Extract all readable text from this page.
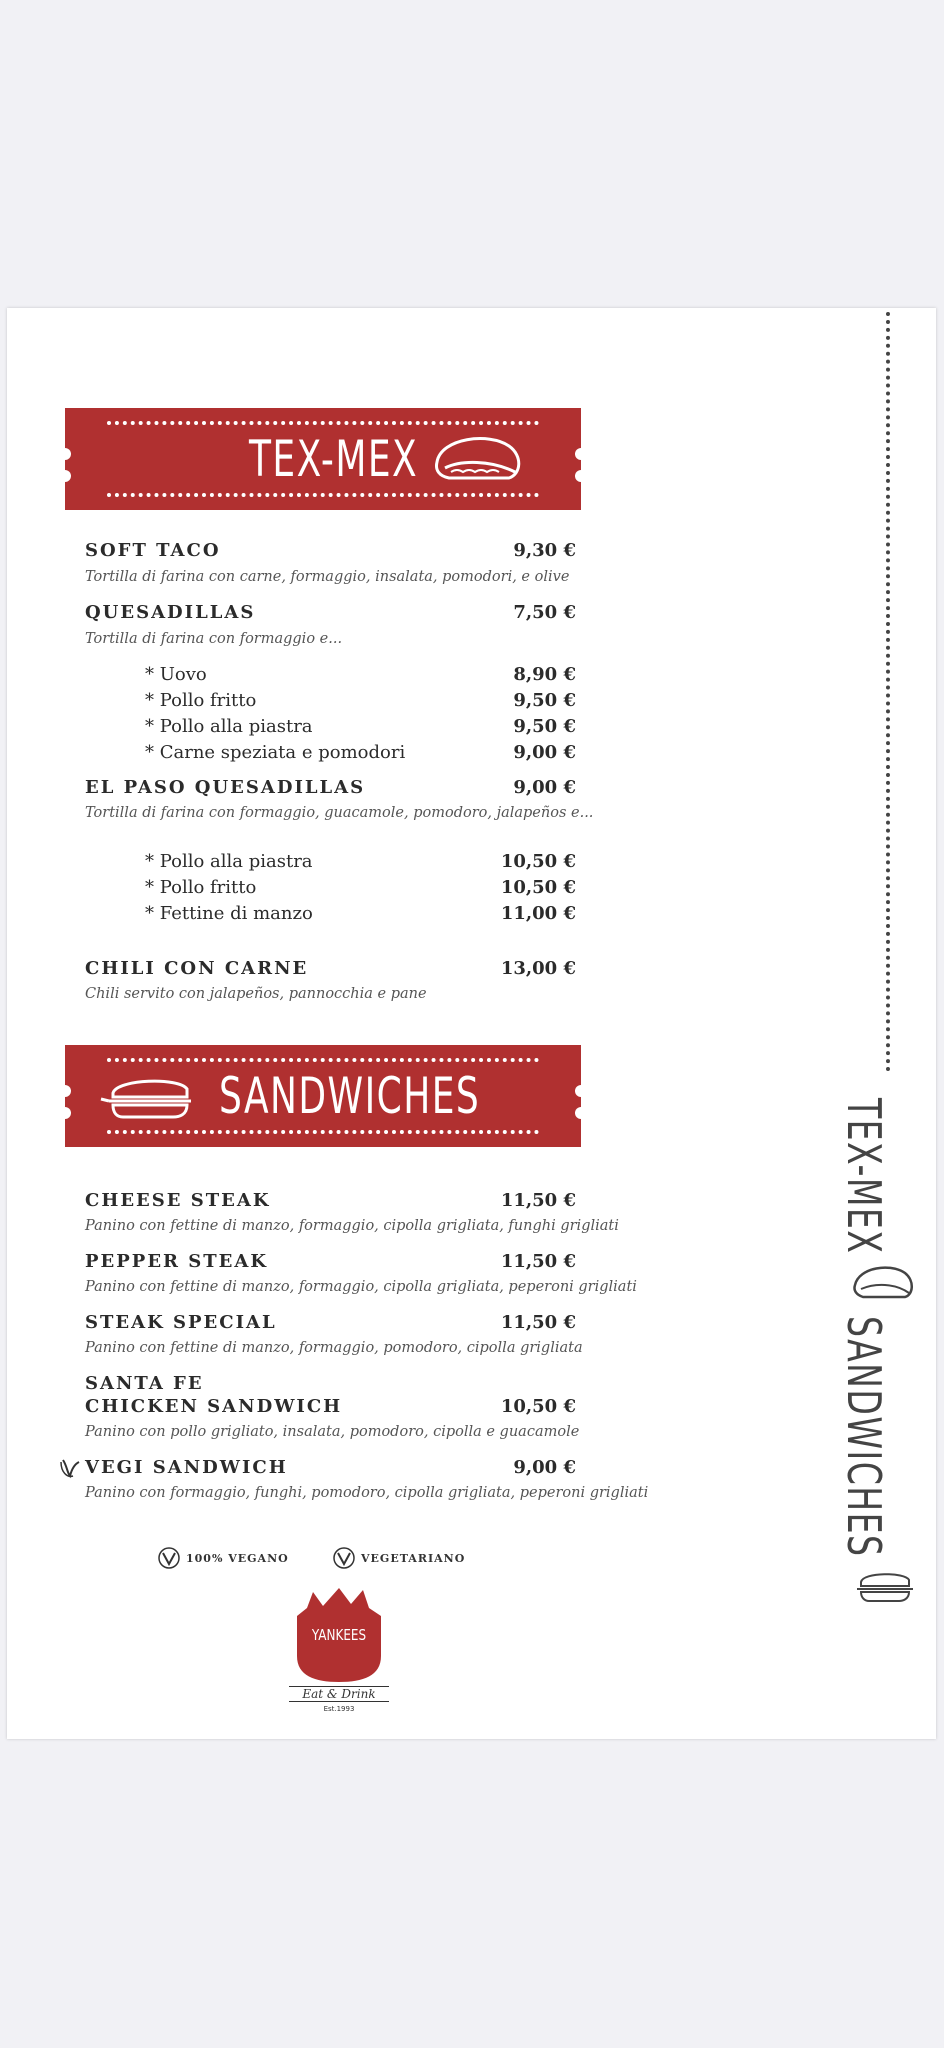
TEX-MEX
SOFT TACO	9,30 €
Tortilla di farina con carne, formaggio, insalata, pomodori, e olive
QUESADILLAS	7,50 €
Tortilla di farina con formaggio e...
* Uovo	8,90 €
* Pollo fritto	9,50 €
* Pollo alla piastra	9,50 €
* Carne speziata e pomodori	9,00 €
EL PASO QUESADILLAS	9,00 €
Tortilla di farina con formaggio, guacamole, pomodoro, jalapeños e...
* Pollo alla piastra	10,50 €
* Pollo fritto	10,50 €
* Fettine di manzo	11,00 €
CHILI CON CARNE	13,00 €
Chili servito con jalapeños, pannocchia e pane
SANDWICHES
CHEESE STEAK	11,50 €
Panino con fettine di manzo, formaggio, cipolla grigliata, funghi grigliati
PEPPER STEAK	11,50 €
Panino con fettine di manzo, formaggio, cipolla grigliata, peperoni grigliati
STEAK SPECIAL	11,50 €
Panino con fettine di manzo, formaggio, pomodoro, cipolla grigliata
SANTA FE
CHICKEN SANDWICH	10,50 €
Panino con pollo grigliato, insalata, pomodoro, cipolla e guacamole
VEGI SANDWICH	9,00 €
Panino con formaggio, funghi, pomodoro, cipolla grigliata, peperoni grigliati
100% VEGANO	VEGETARIANO
YANKEES
Eat & Drink
Est.1993
TEX-MEX
SANDWICHES
